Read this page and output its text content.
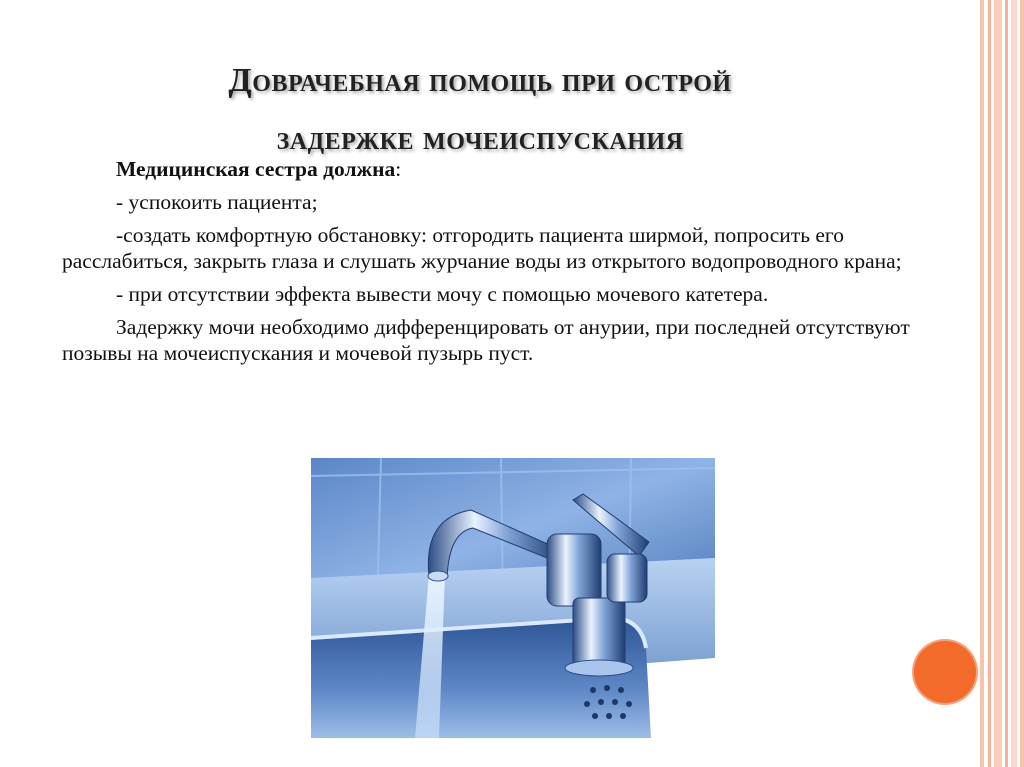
Доврачебная помощь при острой
задержке мочеиспускания

Медицинская сестра должна:

- успокоить пациента;

-создать комфортную обстановку: отгородить пациента ширмой, попросить его расслабиться, закрыть глаза и слушать журчание воды из открытого водопроводного крана;

- при отсутствии эффекта вывести мочу с помощью мочевого катетера.

Задержку мочи необходимо дифференцировать от анурии, при последней отсутствуют позывы на мочеиспускания и мочевой пузырь пуст.
